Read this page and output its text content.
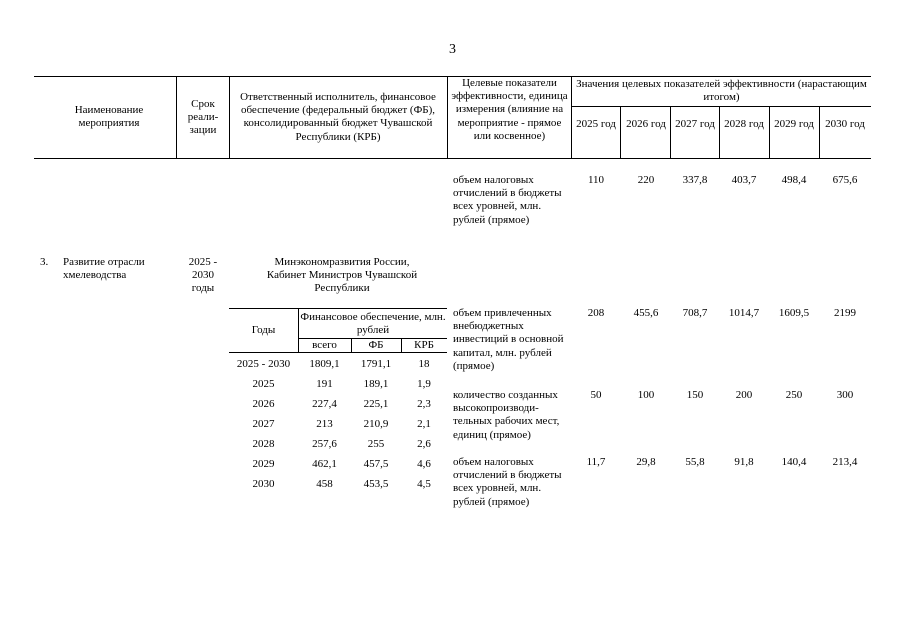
3
Наименование мероприятия
Срок реали- зации
Ответственный исполнитель, финансовое обеспечение (федеральный бюджет (ФБ), консолидированный бюджет Чувашской Республики (КРБ)
Целевые показатели эффективности, единица измерения (влияние на мероприятие - прямое или косвенное)
Значения целевых показателей эффективности (нарастающим итогом)
2025 год 2026 год 2027 год 2028 год 2029 год 2030 год
объем налоговых отчислений в бюджеты всех уровней, млн. рублей (прямое)
110	220	337,8	403,7	498,4	675,6
3. Развитие отрасли хмелеводства
2025 - 2030 годы
Минэкономразвития России, Кабинет Министров Чувашской Республики
Годы
Финансовое обеспечение, млн. рублей
всего	ФБ	КРБ
2025 - 2030	1809,1	1791,1	18
2025	191	189,1	1,9
2026	227,4	225,1	2,3
2027	213	210,9	2,1
2028	257,6	255	2,6
2029	462,1	457,5	4,6
2030	458	453,5	4,5
объем привлеченных внебюджетных инвестиций в основной капитал, млн. рублей (прямое)
208	455,6	708,7	1014,7	1609,5	2199
количество созданных высокопроизводи- тельных рабочих мест, единиц (прямое)
50	100	150	200	250	300
объем налоговых отчислений в бюджеты всех уровней, млн. рублей (прямое)
11,7	29,8	55,8	91,8	140,4	213,4
